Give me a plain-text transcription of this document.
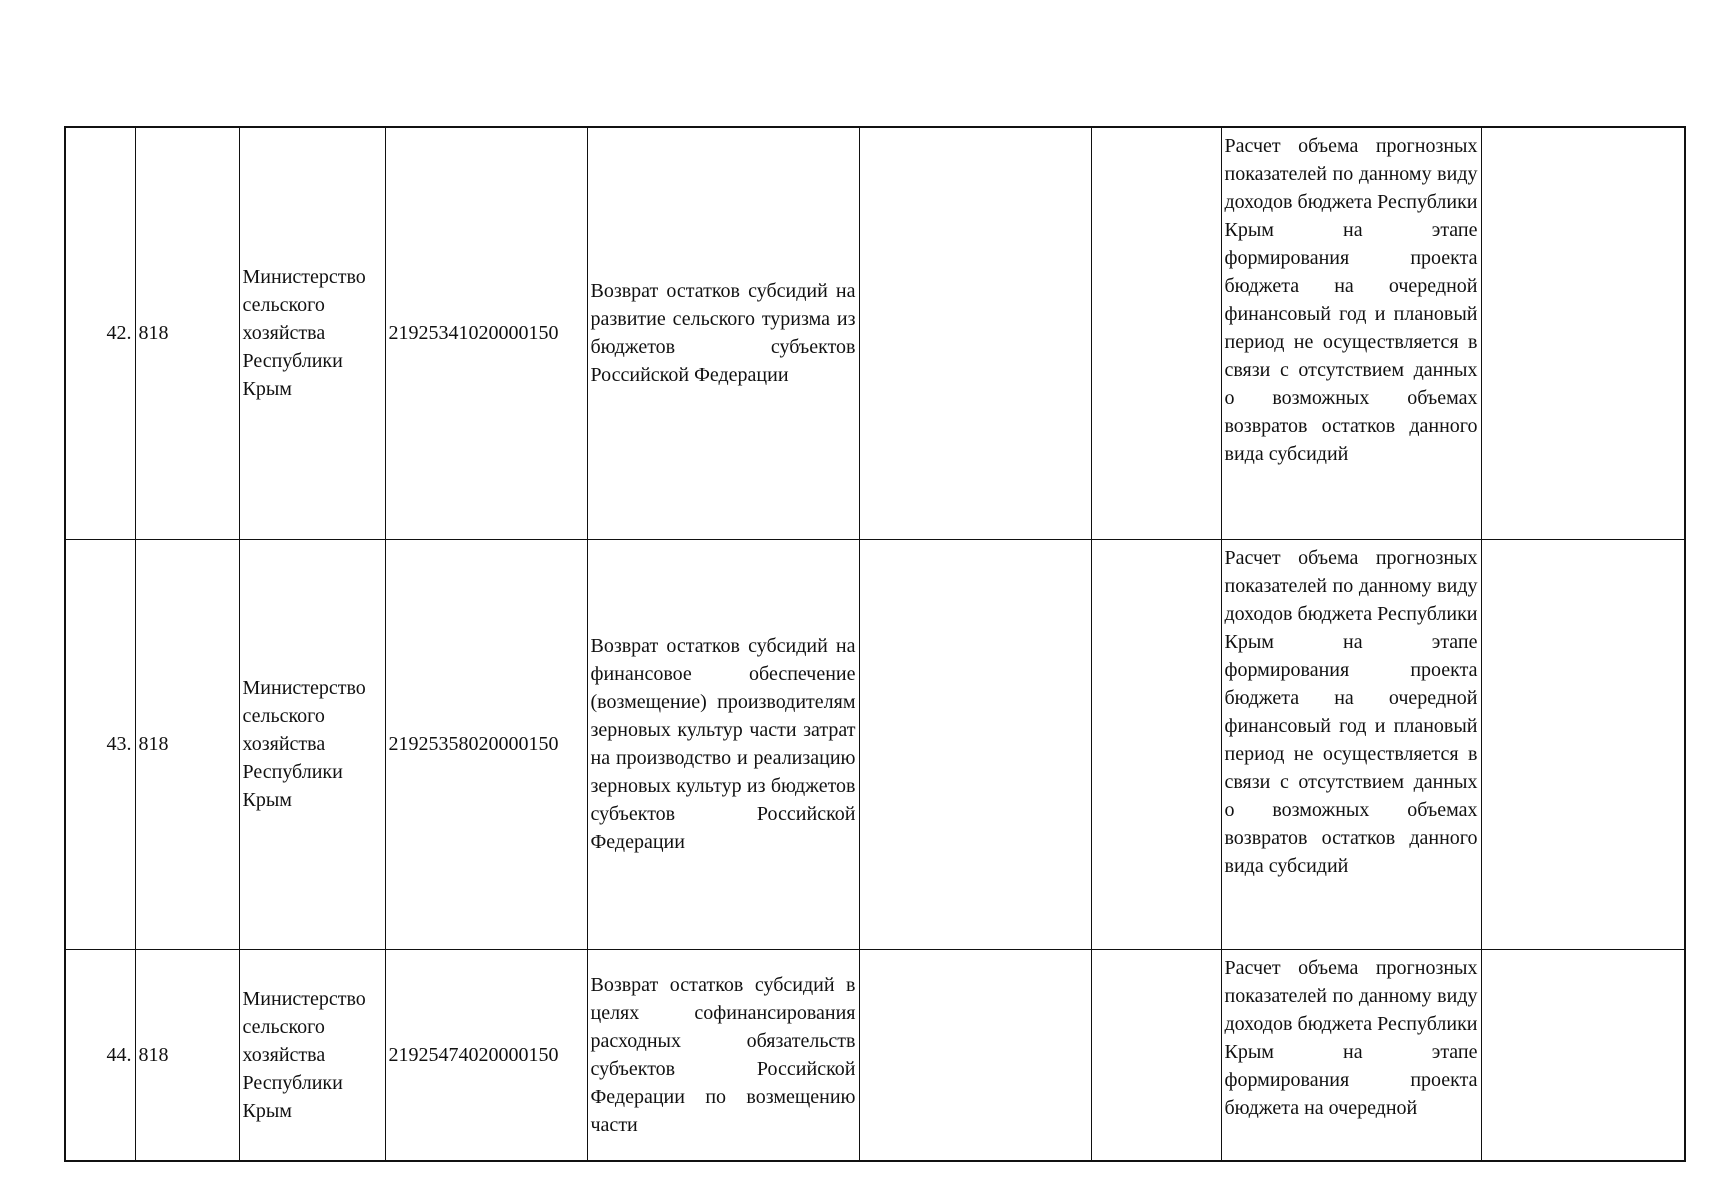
42.	818	Министерство сельского хозяйства Республики Крым	21925341020000150	Возврат остатков субсидий на развитие сельского туризма из бюджетов субъектов Российской Федерации			Расчет объема прогнозных показателей по данному виду доходов бюджета Республики Крым на этапе формирования проекта бюджета на очередной финансовый год и плановый период не осуществляется в связи с отсутствием данных о возможных объемах возвратов остатков данного вида субсидий	
43.	818	Министерство сельского хозяйства Республики Крым	21925358020000150	Возврат остатков субсидий на финансовое обеспечение (возмещение) производителям зерновых культур части затрат на производство и реализацию зерновых культур из бюджетов субъектов Российской Федерации			Расчет объема прогнозных показателей по данному виду доходов бюджета Республики Крым на этапе формирования проекта бюджета на очередной финансовый год и плановый период не осуществляется в связи с отсутствием данных о возможных объемах возвратов остатков данного вида субсидий	
44.	818	Министерство сельского хозяйства Республики Крым	21925474020000150	Возврат остатков субсидий в целях софинансирования расходных обязательств субъектов Российской Федерации по возмещению части			Расчет объема прогнозных показателей по данному виду доходов бюджета Республики Крым на этапе формирования проекта бюджета на очередной	
